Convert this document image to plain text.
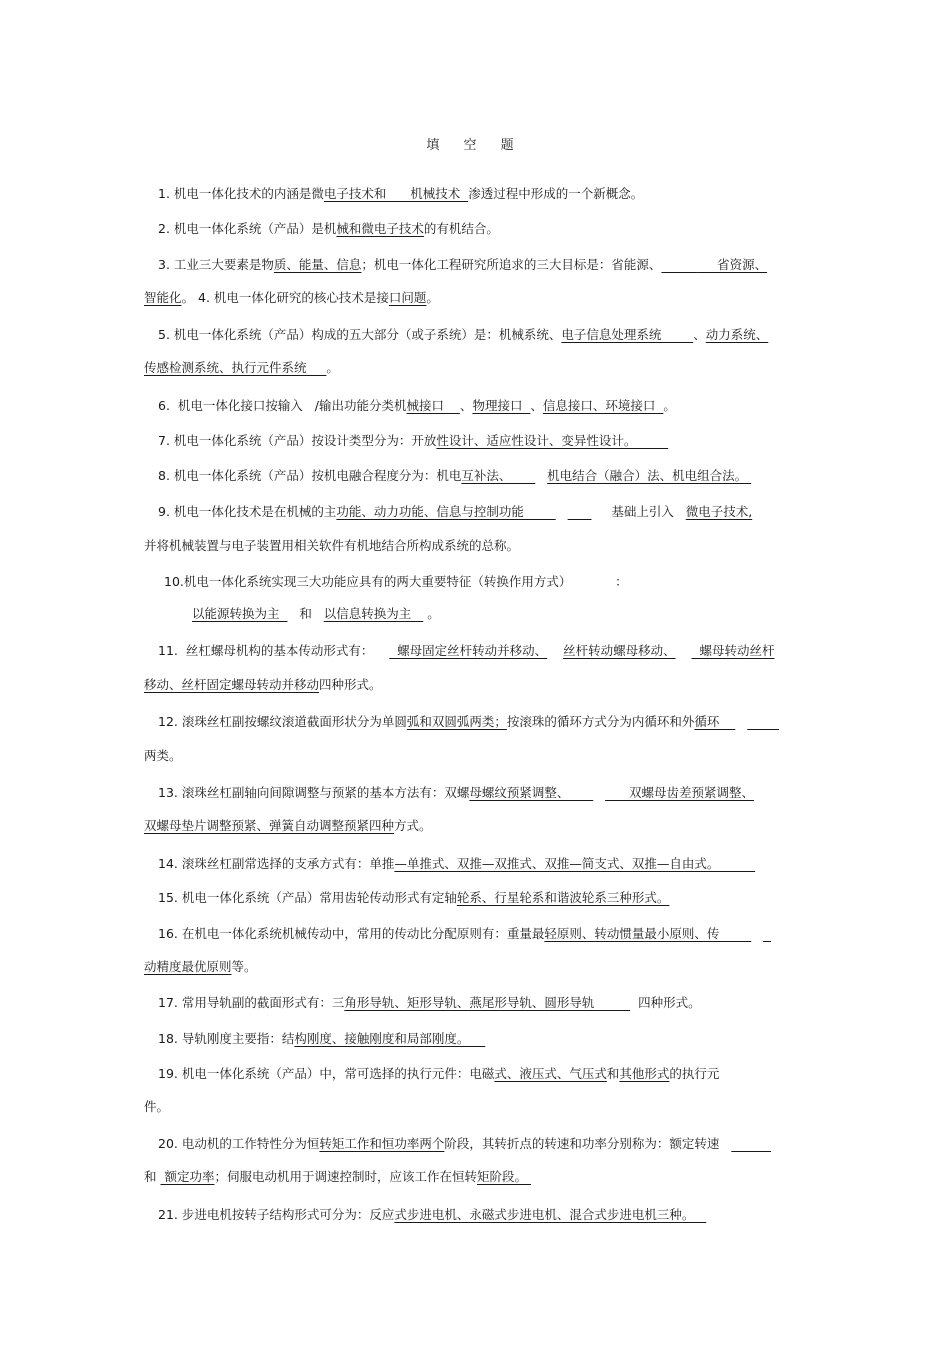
填 空 题
1. 机电一体化技术的内涵是微电子技术和      机械技术  渗透过程中形成的一个新概念。
2. 机电一体化系统（产品）是机械和微电子技术的有机结合。
3. 工业三大要素是物质、能量、信息；机电一体化工程研究所追求的三大目标是：省能源、	省资源、
智能化。 4. 机电一体化研究的核心技术是接口问题。
5. 机电一体化系统（产品）构成的五大部分（或子系统）是：机械系统、电子信息处理系统        、动力系统、
传感检测系统、执行元件系统     。
6.  机电一体化接口按输入   /输出功能分类机械接口    、物理接口  、信息接口、环境接口  。
7. 机电一体化系统（产品）按设计类型分为：开放性设计、适应性设计、变异性设计。
8. 机电一体化系统（产品）按机电融合程度分为：机电互补法、         机电结合（融合）法、机电组合法。
9. 机电一体化技术是在机械的主功能、动力功能、信息与控制功能	基础上引入   微电子技术,
并将机械装置与电子装置用相关软件有机地结合所构成系统的总称。
10.机电一体化系统实现三大功能应具有的两大重要特征（转换作用方式）           ：
以能源转换为主     和   以信息转换为主    。
11.  丝杠螺母机构的基本传动形式有：      螺母固定丝杆转动并移动、 丝杆转动螺母移动、      螺母转动丝杆
移动、丝杆固定螺母转动并移动四种形式。
12. 滚珠丝杠副按螺纹滚道截面形状分为单圆弧和双圆弧两类；按滚珠的循环方式分为内循环和外循环
两类。
13. 滚珠丝杠副轴向间隙调整与预紧的基本方法有：双螺母螺纹预紧调整、               双螺母齿差预紧调整、
双螺母垫片调整预紧、弹簧自动调整预紧四种方式。
14. 滚珠丝杠副常选择的支承方式有：单推—单推式、双推—双推式、双推—简支式、双推—自由式。
15. 机电一体化系统（产品）常用齿轮传动形式有定轴轮系、行星轮系和谐波轮系三种形式。
16. 在机电一体化系统机械传动中，常用的传动比分配原则有：重量最轻原则、转动惯量最小原则、传
动精度最优原则等。
17. 常用导轨副的截面形式有：三角形导轨、矩形导轨、燕尾形导轨、圆形导轨           四种形式。
18. 导轨刚度主要指：结构刚度、接触刚度和局部刚度。
19. 机电一体化系统（产品）中，常可选择的执行元件：电磁式、液压式、气压式和其他形式的执行元
件。
20. 电动机的工作特性分为恒转矩工作和恒功率两个阶段，其转折点的转速和功率分别称为：额定转速
和  额定功率；伺服电动机用于调速控制时，应该工作在恒转矩阶段。
21. 步进电机按转子结构形式可分为：反应式步进电机、永磁式步进电机、混合式步进电机三种。
